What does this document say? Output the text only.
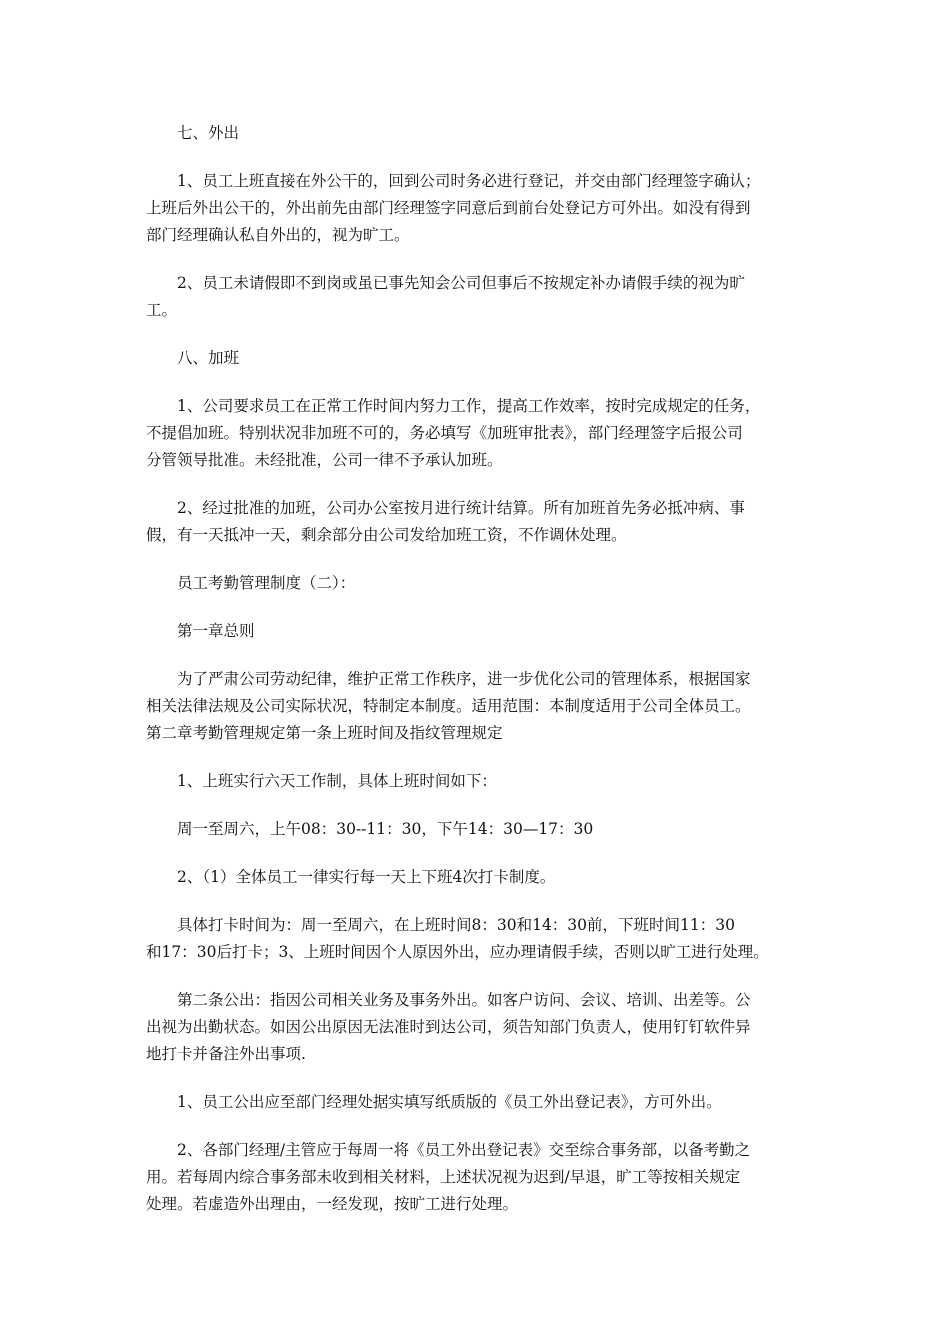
七、外出

1、员工上班直接在外公干的，回到公司时务必进行登记，并交由部门经理签字确认；
上班后外出公干的，外出前先由部门经理签字同意后到前台处登记方可外出。如没有得到
部门经理确认私自外出的，视为旷工。

2、员工未请假即不到岗或虽已事先知会公司但事后不按规定补办请假手续的视为旷
工。

八、加班

1、公司要求员工在正常工作时间内努力工作，提高工作效率，按时完成规定的任务，
不提倡加班。特别状况非加班不可的，务必填写《加班审批表》，部门经理签字后报公司
分管领导批准。未经批准，公司一律不予承认加班。

2、经过批准的加班，公司办公室按月进行统计结算。所有加班首先务必抵冲病、事
假，有一天抵冲一天，剩余部分由公司发给加班工资，不作调休处理。

员工考勤管理制度（二）：

第一章总则

为了严肃公司劳动纪律，维护正常工作秩序，进一步优化公司的管理体系，根据国家
相关法律法规及公司实际状况，特制定本制度。适用范围：本制度适用于公司全体员工。
第二章考勤管理规定第一条上班时间及指纹管理规定

1、上班实行六天工作制，具体上班时间如下：

周一至周六，上午08：30--11：30，下午14：30—17：30

2、（1）全体员工一律实行每一天上下班4次打卡制度。

具体打卡时间为：周一至周六，在上班时间8：30和14：30前，下班时间11：30
和17：30后打卡；3、上班时间因个人原因外出，应办理请假手续，否则以旷工进行处理。

第二条公出：指因公司相关业务及事务外出。如客户访问、会议、培训、出差等。公
出视为出勤状态。如因公出原因无法准时到达公司，须告知部门负责人，使用钉钉软件异
地打卡并备注外出事项.

1、员工公出应至部门经理处据实填写纸质版的《员工外出登记表》，方可外出。

2、各部门经理/主管应于每周一将《员工外出登记表》交至综合事务部，以备考勤之
用。若每周内综合事务部未收到相关材料，上述状况视为迟到/早退，旷工等按相关规定
处理。若虚造外出理由，一经发现，按旷工进行处理。
